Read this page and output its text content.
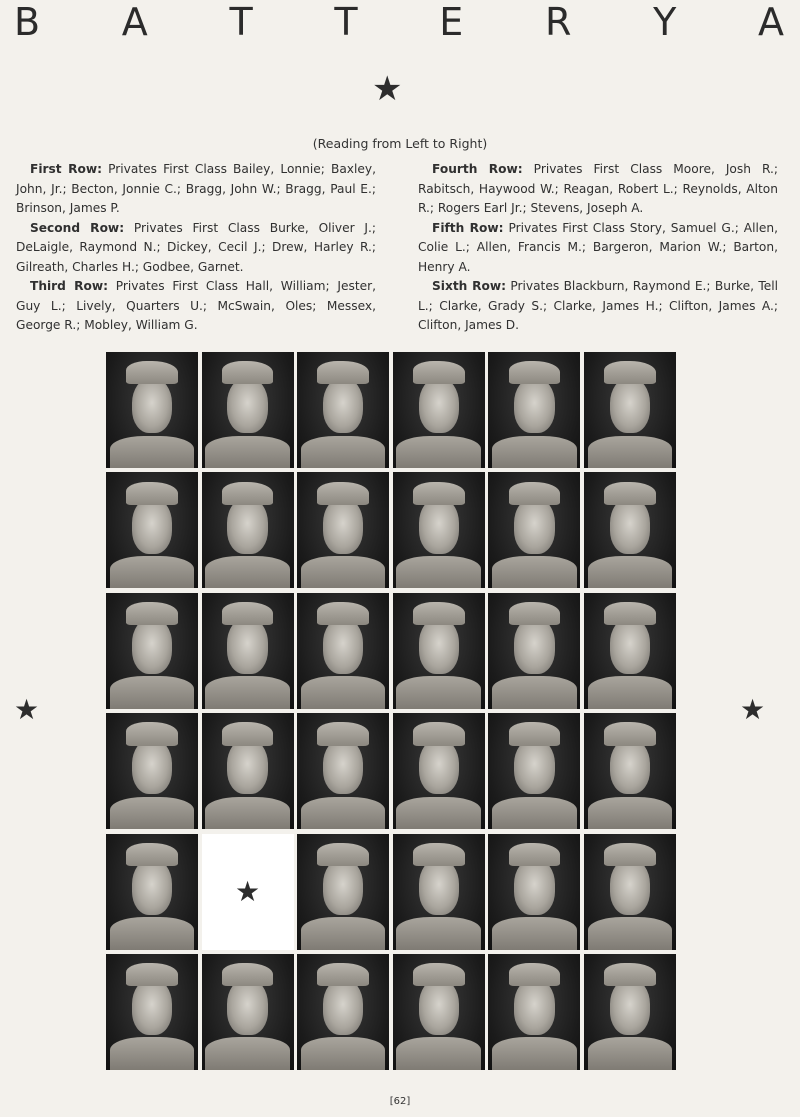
B A T T E R Y A
★
(Reading from Left to Right)

First Row: Privates First Class Bailey, Lonnie; Baxley, John, Jr.; Becton, Jonnie C.; Bragg, John W.; Bragg, Paul E.; Brinson, James P.

Second Row: Privates First Class Burke, Oliver J.; DeLaigle, Raymond N.; Dickey, Cecil J.; Drew, Harley R.; Gilreath, Charles H.; Godbee, Garnet.

Third Row: Privates First Class Hall, William; Jester, Guy L.; Lively, Quarters U.; McSwain, Oles; Messex, George R.; Mobley, William G.

Fourth Row: Privates First Class Moore, Josh R.; Rabitsch, Haywood W.; Reagan, Robert L.; Reynolds, Alton R.; Rogers Earl Jr.; Stevens, Joseph A.

Fifth Row: Privates First Class Story, Samuel G.; Allen, Colie L.; Allen, Francis M.; Bargeron, Marion W.; Barton, Henry A.

Sixth Row: Privates Blackburn, Raymond E.; Burke, Tell L.; Clarke, Grady S.; Clarke, James H.; Clifton, James A.; Clifton, James D.

★
★	★
[62]
